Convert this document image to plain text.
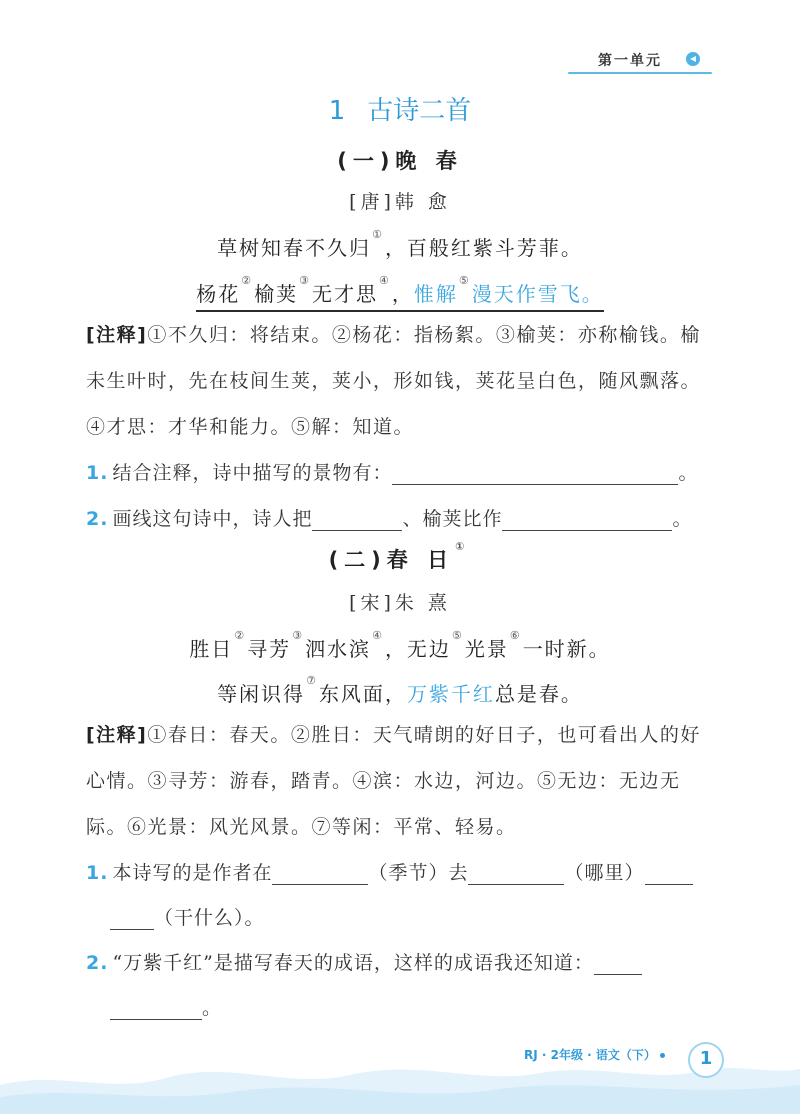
第一单元
1 古诗二首
(一)晚 春
[唐]韩 愈
草树知春不久归①，百般红紫斗芳菲。
杨花②榆荚③无才思④，惟解⑤漫天作雪飞。
[注释]①不久归：将结束。②杨花：指杨絮。③榆荚：亦称榆钱。榆未生叶时，先在枝间生荚，荚小，形如钱，荚花呈白色，随风飘落。④才思：才华和能力。⑤解：知道。
1. 结合注释，诗中描写的景物有：	。
2. 画线这句诗中，诗人把	、榆荚比作	。
(二)春 日①
[宋]朱 熹
胜日②寻芳③泗水滨④，无边⑤光景⑥一时新。
等闲识得⑦东风面，万紫千红总是春。
[注释]①春日：春天。②胜日：天气晴朗的好日子，也可看出人的好心情。③寻芳：游春，踏青。④滨：水边，河边。⑤无边：无边无际。⑥光景：风光风景。⑦等闲：平常、轻易。
1. 本诗写的是作者在	（季节）去	（哪里）
（干什么）。
2. “万紫千红”是描写春天的成语，这样的成语我还知道：
。
RJ · 2年级 · 语文（下）	1
